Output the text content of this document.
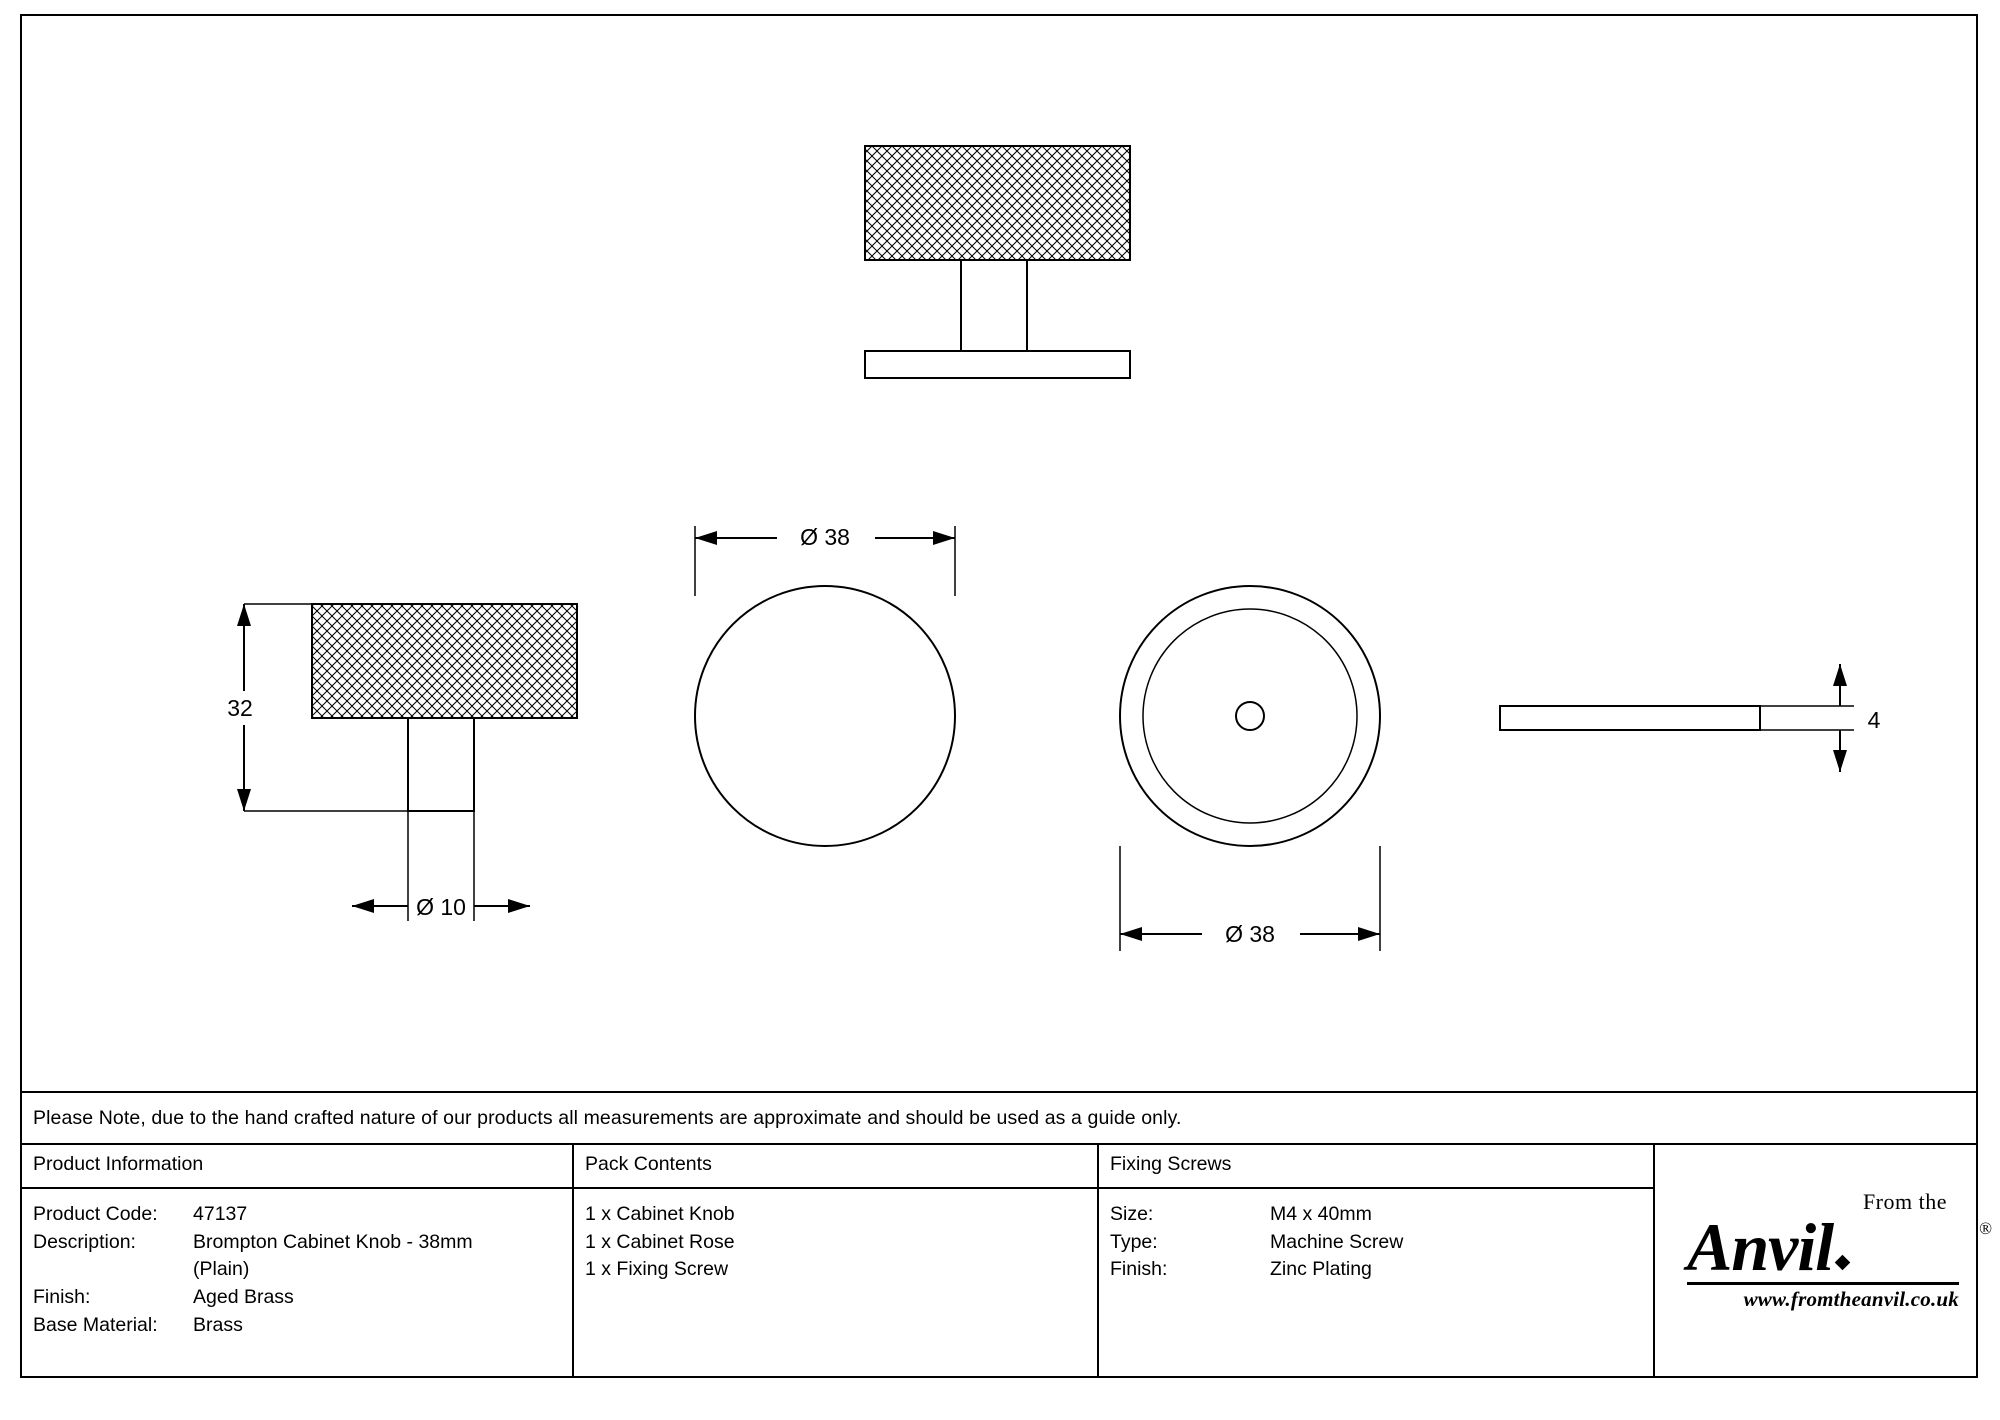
32
Ø 10
Ø 38
Ø 38
4
Please Note, due to the hand crafted nature of our products all measurements are approximate and should be used as a guide only.
Product Information
Product Code:	47137
Description:	Brompton Cabinet Knob - 38mm
(Plain)
Finish:	Aged Brass
Base Material:	Brass
Pack Contents
1 x Cabinet Knob
1 x Cabinet Rose
1 x Fixing Screw
Fixing Screws
Size:	M4 x 40mm
Type:	Machine Screw
Finish:	Zinc Plating
From the
Anvil	®
www.fromtheanvil.co.uk
